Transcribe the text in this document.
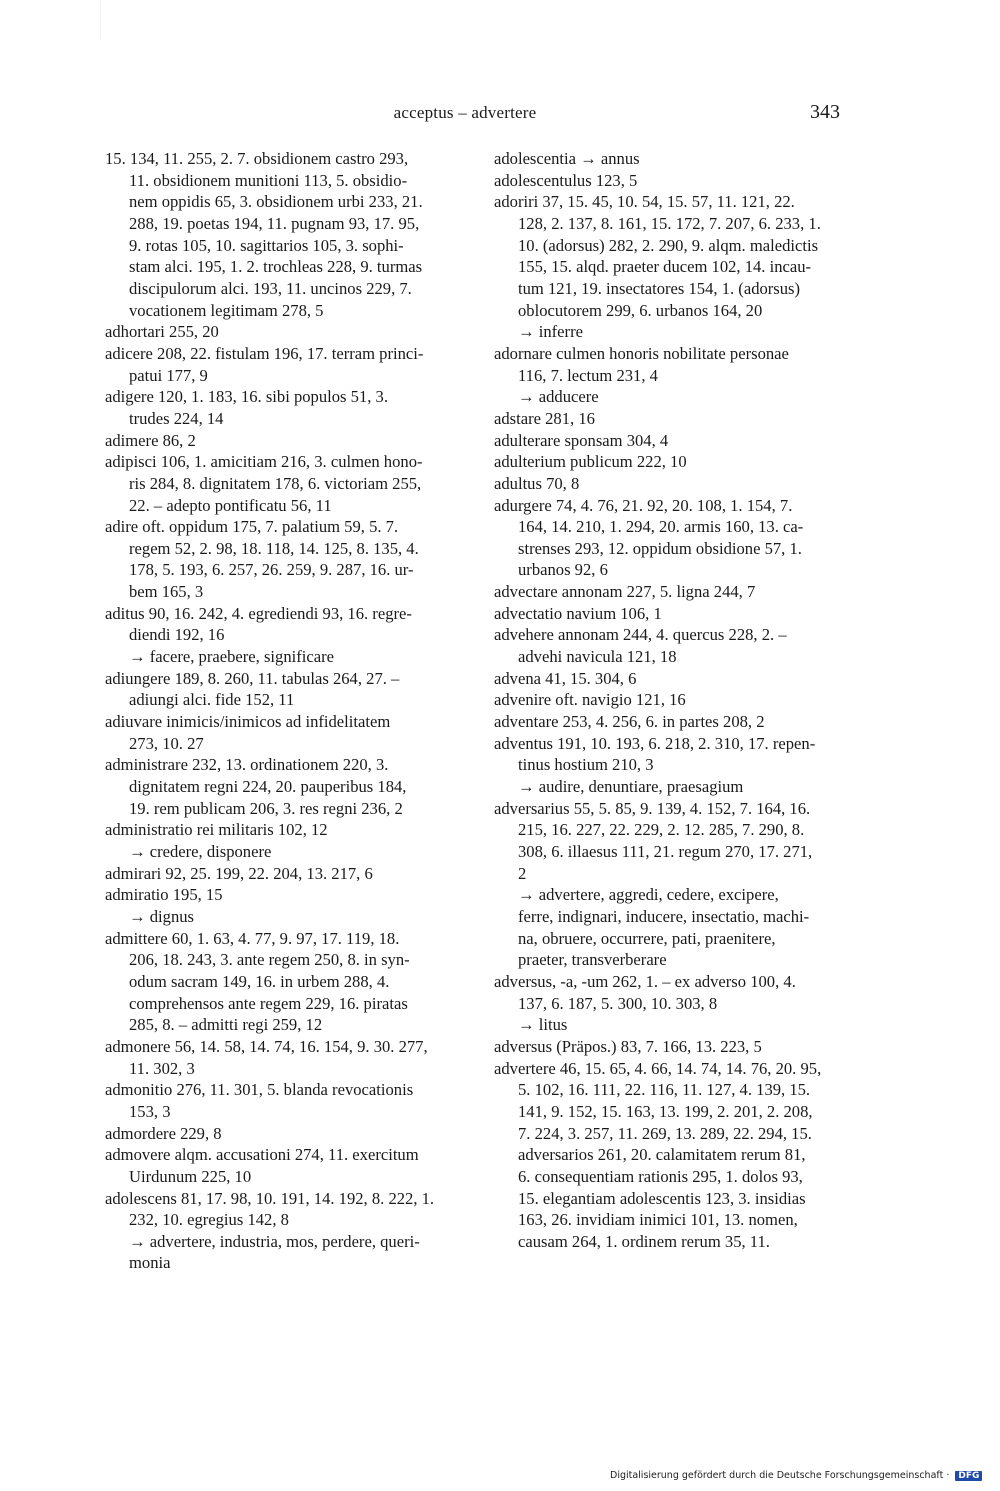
acceptus – advertere	343
15. 134, 11. 255, 2. 7. obsidionem castro 293,
11. obsidionem munitioni 113, 5. obsidio-
nem oppidis 65, 3. obsidionem urbi 233, 21.
288, 19. poetas 194, 11. pugnam 93, 17. 95,
9. rotas 105, 10. sagittarios 105, 3. sophi-
stam alci. 195, 1. 2. trochleas 228, 9. turmas
discipulorum alci. 193, 11. uncinos 229, 7.
vocationem legitimam 278, 5
adhortari 255, 20
adicere 208, 22. fistulam 196, 17. terram princi-
patui 177, 9
adigere 120, 1. 183, 16. sibi populos 51, 3.
trudes 224, 14
adimere 86, 2
adipisci 106, 1. amicitiam 216, 3. culmen hono-
ris 284, 8. dignitatem 178, 6. victoriam 255,
22. – adepto pontificatu 56, 11
adire oft. oppidum 175, 7. palatium 59, 5. 7.
regem 52, 2. 98, 18. 118, 14. 125, 8. 135, 4.
178, 5. 193, 6. 257, 26. 259, 9. 287, 16. ur-
bem 165, 3
aditus 90, 16. 242, 4. egrediendi 93, 16. regre-
diendi 192, 16
→ facere, praebere, significare
adiungere 189, 8. 260, 11. tabulas 264, 27. –
adiungi alci. fide 152, 11
adiuvare inimicis/inimicos ad infidelitatem
273, 10. 27
administrare 232, 13. ordinationem 220, 3.
dignitatem regni 224, 20. pauperibus 184,
19. rem publicam 206, 3. res regni 236, 2
administratio rei militaris 102, 12
→ credere, disponere
admirari 92, 25. 199, 22. 204, 13. 217, 6
admiratio 195, 15
→ dignus
admittere 60, 1. 63, 4. 77, 9. 97, 17. 119, 18.
206, 18. 243, 3. ante regem 250, 8. in syn-
odum sacram 149, 16. in urbem 288, 4.
comprehensos ante regem 229, 16. piratas
285, 8. – admitti regi 259, 12
admonere 56, 14. 58, 14. 74, 16. 154, 9. 30. 277,
11. 302, 3
admonitio 276, 11. 301, 5. blanda revocationis
153, 3
admordere 229, 8
admovere alqm. accusationi 274, 11. exercitum
Uirdunum 225, 10
adolescens 81, 17. 98, 10. 191, 14. 192, 8. 222, 1.
232, 10. egregius 142, 8
→ advertere, industria, mos, perdere, queri-
monia
adolescentia → annus
adolescentulus 123, 5
adoriri 37, 15. 45, 10. 54, 15. 57, 11. 121, 22.
128, 2. 137, 8. 161, 15. 172, 7. 207, 6. 233, 1.
10. (adorsus) 282, 2. 290, 9. alqm. maledictis
155, 15. alqd. praeter ducem 102, 14. incau-
tum 121, 19. insectatores 154, 1. (adorsus)
oblocutorem 299, 6. urbanos 164, 20
→ inferre
adornare culmen honoris nobilitate personae
116, 7. lectum 231, 4
→ adducere
adstare 281, 16
adulterare sponsam 304, 4
adulterium publicum 222, 10
adultus 70, 8
adurgere 74, 4. 76, 21. 92, 20. 108, 1. 154, 7.
164, 14. 210, 1. 294, 20. armis 160, 13. ca-
strenses 293, 12. oppidum obsidione 57, 1.
urbanos 92, 6
advectare annonam 227, 5. ligna 244, 7
advectatio navium 106, 1
advehere annonam 244, 4. quercus 228, 2. –
advehi navicula 121, 18
advena 41, 15. 304, 6
advenire oft. navigio 121, 16
adventare 253, 4. 256, 6. in partes 208, 2
adventus 191, 10. 193, 6. 218, 2. 310, 17. repen-
tinus hostium 210, 3
→ audire, denuntiare, praesagium
adversarius 55, 5. 85, 9. 139, 4. 152, 7. 164, 16.
215, 16. 227, 22. 229, 2. 12. 285, 7. 290, 8.
308, 6. illaesus 111, 21. regum 270, 17. 271,
2
→ advertere, aggredi, cedere, excipere,
ferre, indignari, inducere, insectatio, machi-
na, obruere, occurrere, pati, praenitere,
praeter, transverberare
adversus, -a, -um 262, 1. – ex adverso 100, 4.
137, 6. 187, 5. 300, 10. 303, 8
→ litus
adversus (Präpos.) 83, 7. 166, 13. 223, 5
advertere 46, 15. 65, 4. 66, 14. 74, 14. 76, 20. 95,
5. 102, 16. 111, 22. 116, 11. 127, 4. 139, 15.
141, 9. 152, 15. 163, 13. 199, 2. 201, 2. 208,
7. 224, 3. 257, 11. 269, 13. 289, 22. 294, 15.
adversarios 261, 20. calamitatem rerum 81,
6. consequentiam rationis 295, 1. dolos 93,
15. elegantiam adolescentis 123, 3. insidias
163, 26. invidiam inimici 101, 13. nomen,
causam 264, 1. ordinem rerum 35, 11.
Digitalisierung gefördert durch die Deutsche Forschungsgemeinschaft · DFG
